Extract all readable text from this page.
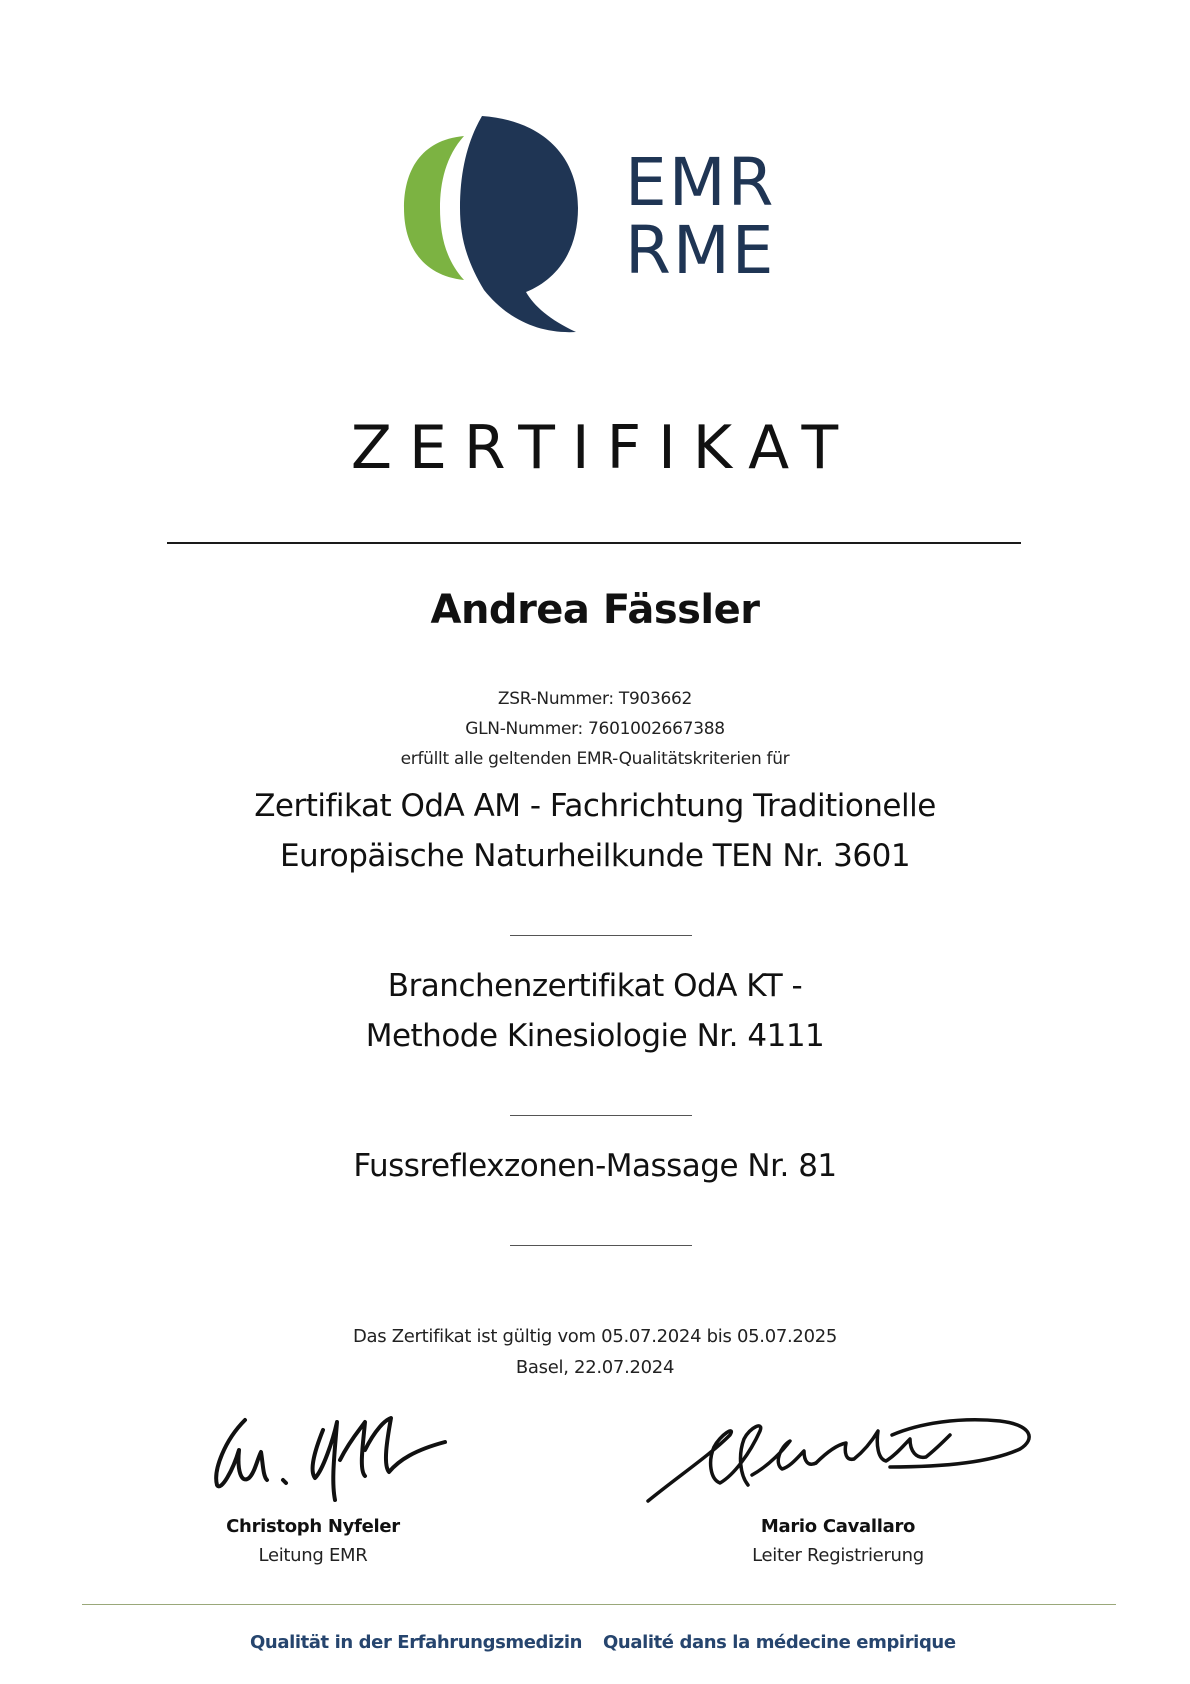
EMR
RME
ZERTIFIKAT
Andrea Fässler
ZSR-Nummer: T903662
GLN-Nummer: 7601002667388
erfüllt alle geltenden EMR-Qualitätskriterien für
Zertifikat OdA AM - Fachrichtung Traditionelle
Europäische Naturheilkunde TEN Nr. 3601
Branchenzertifikat OdA KT -
Methode Kinesiologie Nr. 4111
Fussreflexzonen-Massage Nr. 81
Das Zertifikat ist gültig vom 05.07.2024 bis 05.07.2025
Basel, 22.07.2024
Christoph Nyfeler
Leitung EMR
Mario Cavallaro
Leiter Registrierung
Qualität in der Erfahrungsmedizin Qualité dans la médecine empirique
